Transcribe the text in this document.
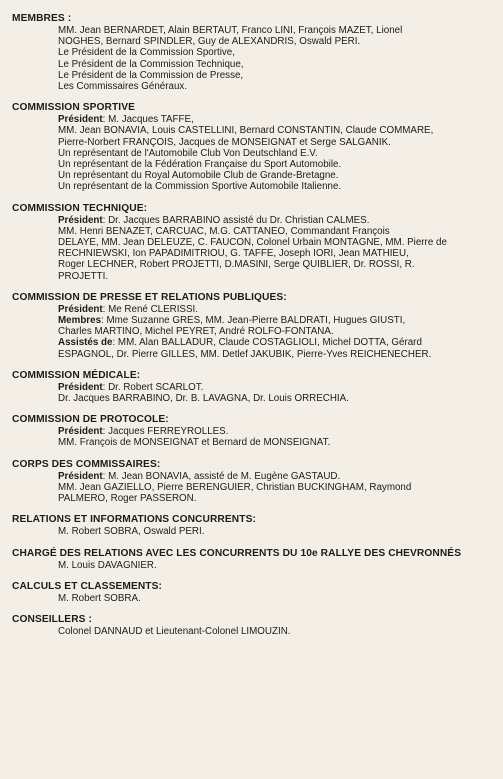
MEMBRES :
MM. Jean BERNARDET, Alain BERTAUT, Franco LINI, François MAZET, Lionel
NOGHES, Bernard SPINDLER, Guy de ALEXANDRIS, Oswald PERI.
Le Président de la Commission Sportive,
Le Président de la Commission Technique,
Le Président de la Commission de Presse,
Les Commissaires Généraux.
COMMISSION SPORTIVE
Président: M. Jacques TAFFE,
MM. Jean BONAVIA, Louis CASTELLINI, Bernard CONSTANTIN, Claude COMMARE,
Pierre-Norbert FRANÇOIS, Jacques de MONSEIGNAT et Serge SALGANIK.
Un représentant de l'Automobile Club Von Deutschland E.V.
Un représentant de la Fédération Française du Sport Automobile.
Un représentant du Royal Automobile Club de Grande-Bretagne.
Un représentant de la Commission Sportive Automobile Italienne.
COMMISSION TECHNIQUE:
Président: Dr. Jacques BARRABINO assisté du Dr. Christian CALMES.
MM. Henri BENAZET, CARCUAC, M.G. CATTANEO, Commandant François
DELAYE, MM. Jean DELEUZE, C. FAUCON, Colonel Urbain MONTAGNE, MM. Pierre de
RECHNIEWSKI, Ion PAPADIMITRIOU, G. TAFFE, Joseph IORI, Jean MATHIEU,
Roger LECHNER, Robert PROJETTI, D.MASINI, Serge QUIBLIER, Dr. ROSSI, R.
PROJETTI.
COMMISSION DE PRESSE ET RELATIONS PUBLIQUES:
Président: Me René CLERISSI.
Membres: Mme Suzanne GRES, MM. Jean-Pierre BALDRATI, Hugues GIUSTI,
Charles MARTINO, Michel PEYRET, André ROLFO-FONTANA.
Assistés de: MM. Alan BALLADUR, Claude COSTAGLIOLI, Michel DOTTA, Gérard
ESPAGNOL, Dr. Pierre GILLES, MM. Detlef JAKUBIK, Pierre-Yves REICHENECHER.
COMMISSION MÉDICALE:
Président: Dr. Robert SCARLOT.
Dr. Jacques BARRABINO, Dr. B. LAVAGNA, Dr. Louis ORRECHIA.
COMMISSION DE PROTOCOLE:
Président: Jacques FERREYROLLES.
MM. François de MONSEIGNAT et Bernard de MONSEIGNAT.
CORPS DES COMMISSAIRES:
Président: M. Jean BONAVIA, assisté de M. Eugène GASTAUD.
MM. Jean GAZIELLO, Pierre BERENGUIER, Christian BUCKINGHAM, Raymond
PALMERO, Roger PASSERON.
RELATIONS ET INFORMATIONS CONCURRENTS:
M. Robert SOBRA, Oswald PERI.
CHARGÉ DES RELATIONS AVEC LES CONCURRENTS DU 10e RALLYE DES CHEVRONNÉS
M. Louis DAVAGNIER.
CALCULS ET CLASSEMENTS:
M. Robert SOBRA.
CONSEILLERS :
Colonel DANNAUD et Lieutenant-Colonel LIMOUZIN.
